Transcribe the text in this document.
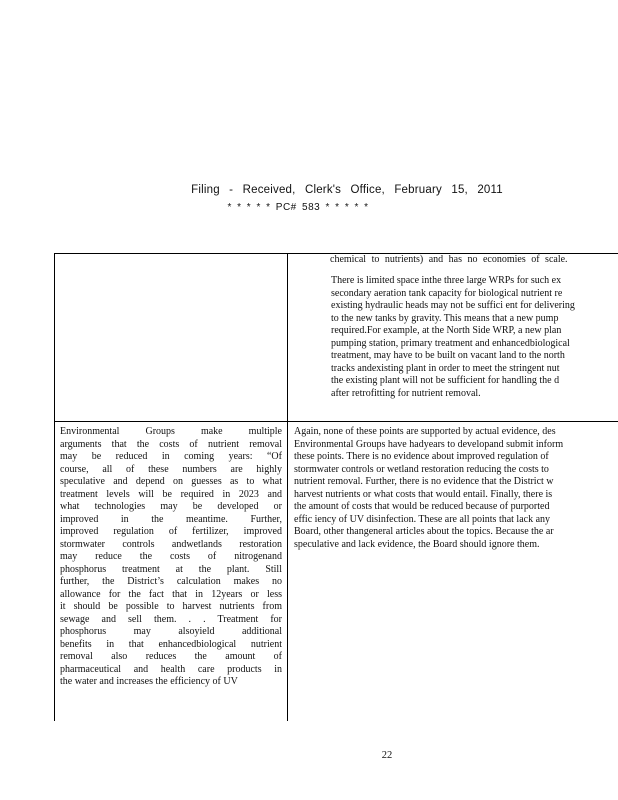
Filing - Received, Clerk's Office, February 15, 2011
* * * * * PC# 583 * * * * *
chemical to nutrients) and has no economies of scale.

There is limited space inthe three large WRPs for such ex

secondary aeration tank capacity for biological nutrient re

existing hydraulic heads may not be suffici ent for delivering

to the new tanks by gravity. This means that a new pump

required.For example, at the North Side WRP, a new plan

pumping station, primary treatment and enhancedbiological

treatment, may have to be built on vacant land to the north

tracks andexisting plant in order to meet the stringent nut

the existing plant will not be sufficient for handling the d

after retrofitting for nutrient removal.

Environmental Groups make multiple

arguments that the costs of nutrient removal

may be reduced in coming years: “Of

course, all of these numbers are highly

speculative and depend on guesses as to what

treatment levels will be required in 2023 and

what technologies may be developed or

improved in the meantime. Further,

improved regulation of fertilizer, improved

stormwater controls andwetlands restoration

may reduce the costs of nitrogenand

phosphorus treatment at the plant. Still

further, the District’s calculation makes no

allowance for the fact that in 12years or less

it should be possible to harvest nutrients from

sewage and sell them. . . Treatment for

phosphorus may alsoyield additional

benefits in that enhancedbiological nutrient

removal also reduces the amount of

pharmaceutical and health care products in

the water and increases the efficiency of UV

Again, none of these points are supported by actual evidence, des

Environmental Groups have hadyears to developand submit inform

these points. There is no evidence about improved regulation of

stormwater controls or wetland restoration reducing the costs to

nutrient removal. Further, there is no evidence that the District w

harvest nutrients or what costs that would entail. Finally, there is

the amount of costs that would be reduced because of purported

effic iency of UV disinfection. These are all points that lack any

Board, other thangeneral articles about the topics. Because the ar

speculative and lack evidence, the Board should ignore them.

22
